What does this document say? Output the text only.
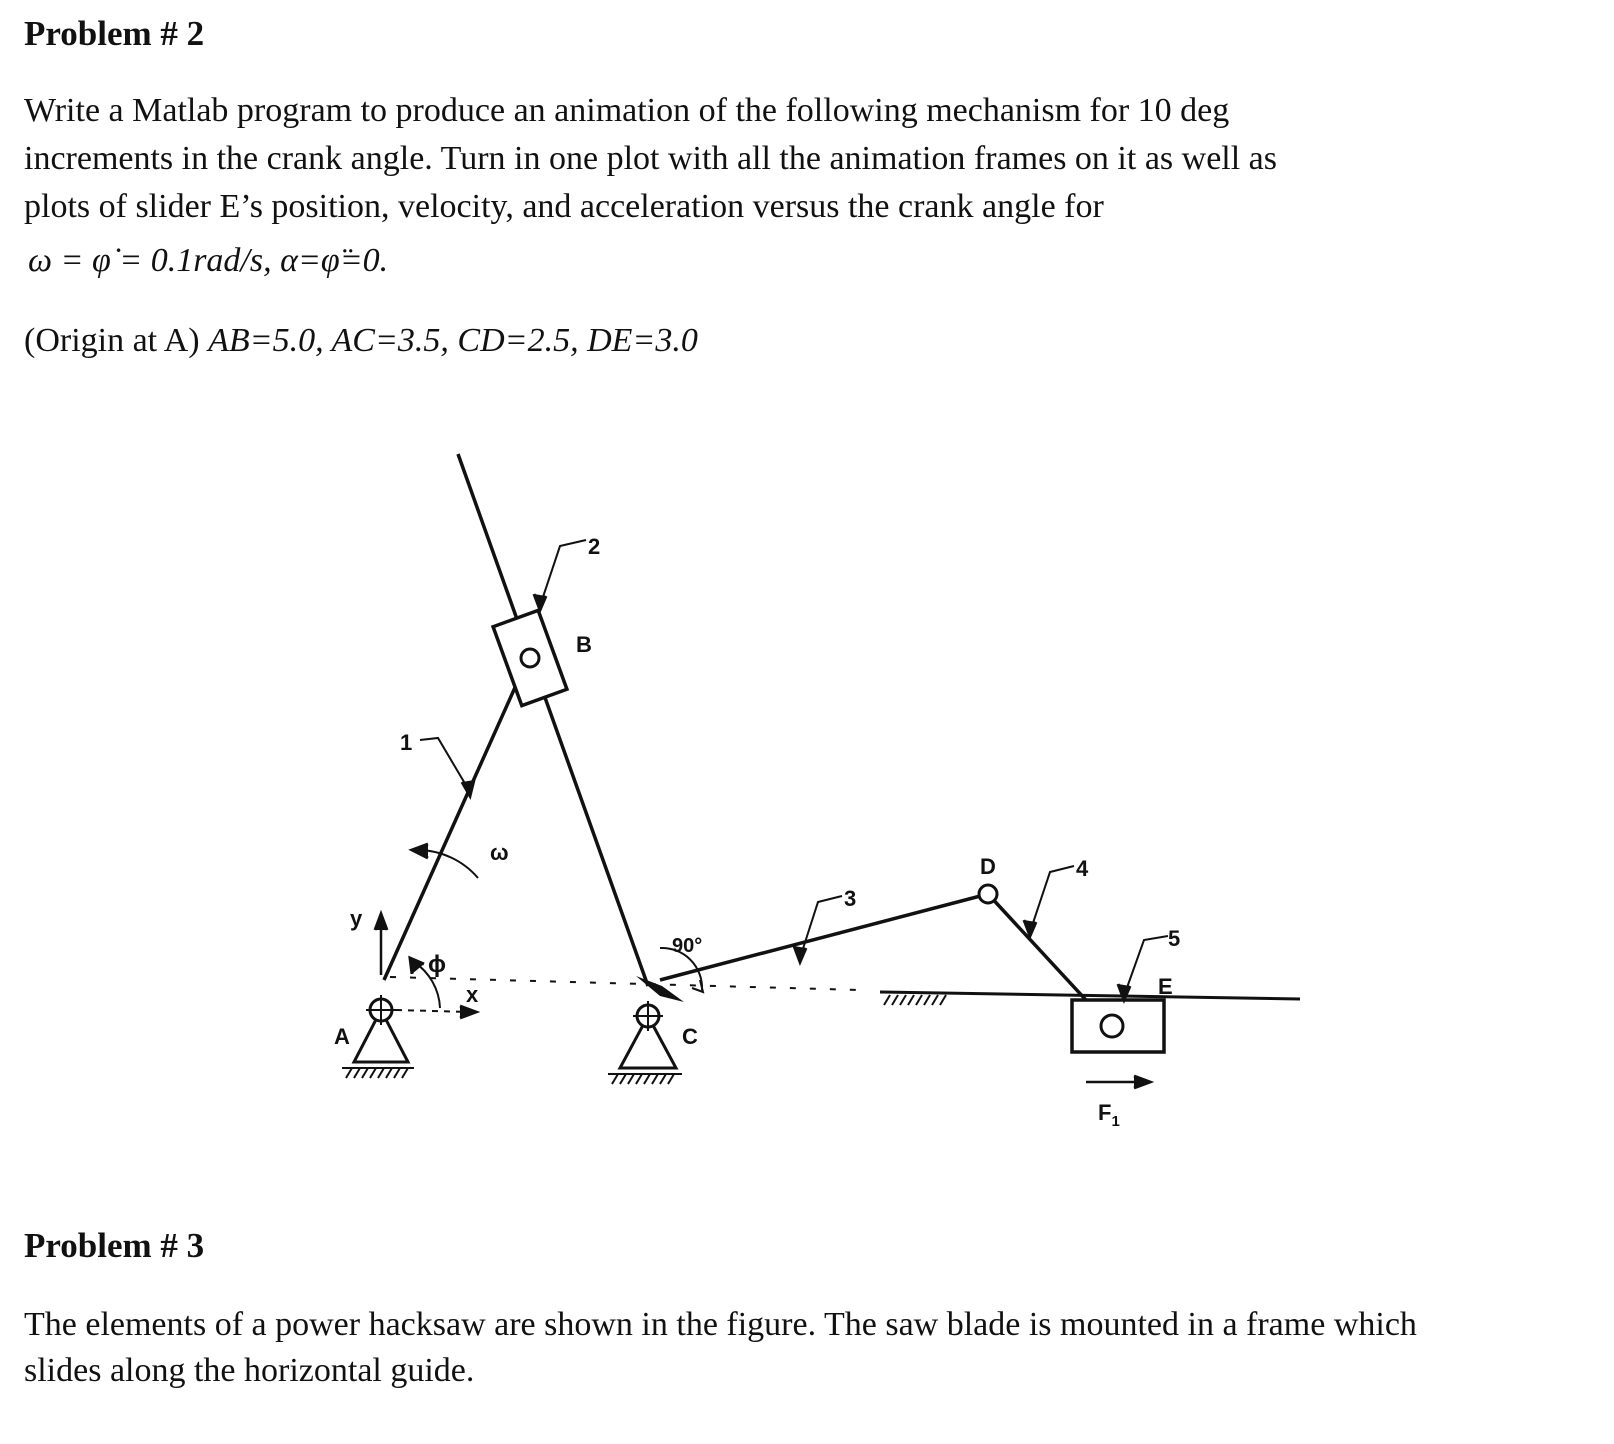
Problem # 2

Write a Matlab program to produce an animation of the following mechanism for 10 deg

increments in the crank angle. Turn in one plot with all the animation frames on it as well as

plots of slider E’s position, velocity, and acceleration versus the crank angle for

ω = φ̇ = 0.1rad/s, α=φ̈=0.
(Origin at A) AB=5.0, AC=3.5, CD=2.5, DE=3.0
A
B
C
D
E
1
2
3
4
5
ω
ϕ
x
y
90°
$F_1$
Problem # 3

The elements of a power hacksaw are shown in the figure. The saw blade is mounted in a frame which

slides along the horizontal guide.
